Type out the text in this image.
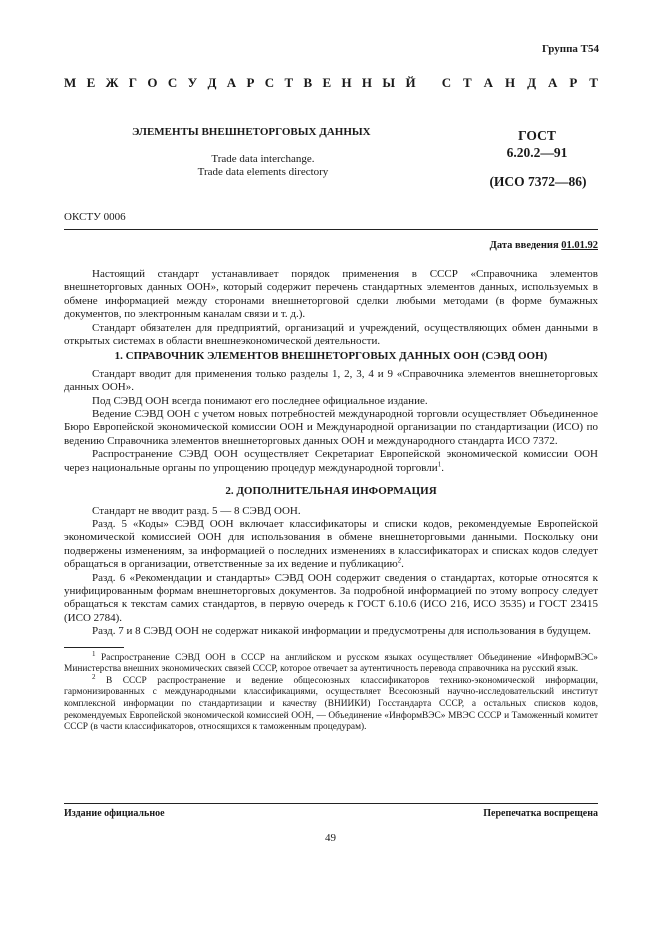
Группа Т54
М Е Ж Г О С У Д А Р С Т В Е Н Н Ы Й С Т А Н Д А Р Т
ЭЛЕМЕНТЫ ВНЕШНЕТОРГОВЫХ ДАННЫХ
Trade data interchange.
Trade data elements directory
ГОСТ
6.20.2—91
(ИСО 7372—86)
ОКСТУ 0006
Дата введения 01.01.92

Настоящий стандарт устанавливает порядок применения в СССР «Справочника элементов внешнеторговых данных ООН», который содержит перечень стандартных элементов данных, используемых в обмене информацией между сторонами внешнеторговой сделки любыми методами (в форме бумажных документов, по электронным каналам связи и т. д.).

Стандарт обязателен для предприятий, организаций и учреждений, осуществляющих обмен данными в открытых системах в области внешнеэкономической деятельности.

1. СПРАВОЧНИК ЭЛЕМЕНТОВ ВНЕШНЕТОРГОВЫХ ДАННЫХ ООН (СЭВД ООН)

Стандарт вводит для применения только разделы 1, 2, 3, 4 и 9 «Справочника элементов внешнеторговых данных ООН».

Под СЭВД ООН всегда понимают его последнее официальное издание.

Ведение СЭВД ООН с учетом новых потребностей международной торговли осуществляет Объединенное Бюро Европейской экономической комиссии ООН и Международной организации по стандартизации (ИСО) по ведению Справочника элементов внешнеторговых данных ООН и международного стандарта ИСО 7372.

Распространение СЭВД ООН осуществляет Секретариат Европейской экономической комиссии ООН через национальные органы по упрощению процедур международной торговли$^1$.

2. ДОПОЛНИТЕЛЬНАЯ ИНФОРМАЦИЯ

Стандарт не вводит разд. 5 — 8 СЭВД ООН.

Разд. 5 «Коды» СЭВД ООН включает классификаторы и списки кодов, рекомендуемые Европейской экономической комиссией ООН для использования в обмене внешнеторговыми данными. Поскольку они подвержены изменениям, за информацией о последних изменениях в классификаторах и списках кодов следует обращаться в организации, ответственные за их ведение и публикацию$^2$.

Разд. 6 «Рекомендации и стандарты» СЭВД ООН содержит сведения о стандартах, которые относятся к унифицированным формам внешнеторговых документов. За подробной информацией по этому вопросу следует обращаться к текстам самих стандартов, в первую очередь к ГОСТ 6.10.6 (ИСО 216, ИСО 3535) и ГОСТ 23415 (ИСО 2784).

Разд. 7 и 8 СЭВД ООН не содержат никакой информации и предусмотрены для использования в будущем.

$^1$ Распространение СЭВД ООН в СССР на английском и русском языках осуществляет Объединение «ИнформВЭС» Министерства внешних экономических связей СССР, которое отвечает за аутентичность перевода справочника на русский язык.

$^2$ В СССР распространение и ведение общесоюзных классификаторов технико-экономической информации, гармонизированных с международными классификациями, осуществляет Всесоюзный научно-исследовательский институт комплексной информации по стандартизации и качеству (ВНИИКИ) Госстандарта СССР, а остальных списков кодов, рекомендуемых Европейской экономической комиссией ООН, — Объединение «ИнформВЭС» МВЭС СССР и Таможенный комитет СССР (в части классификаторов, относящихся к таможенным процедурам).

Издание официальное	Перепечатка воспрещена
49
